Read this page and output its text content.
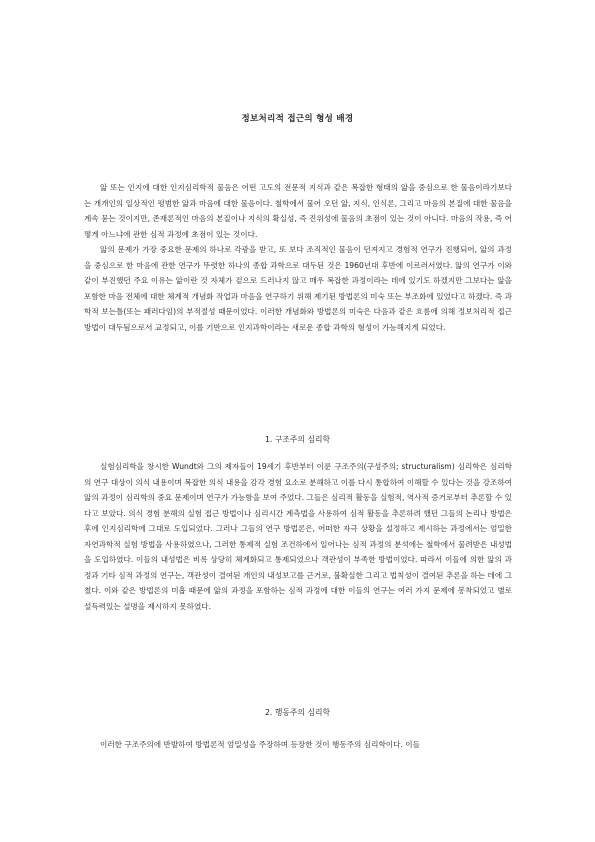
정보처리적 접근의 형성 배경

앎 또는 인지에 대한 인지심리학적 물음은 어떤 고도의 전문적 지식과 같은 복잡한 형태의 앎을 중심으로 한 물음이라기보다는 개개인의 일상적인 평범한 앎과 마음에 대한 물음이다. 철학에서 물어 오던 앎, 지식, 인식론, 그리고 마음의 본질에 대한 물음을 계속 묻는 것이지만, 존재론적인 마음의 본질이나 지식의 확실성, 즉 진위성에 물음의 초점이 있는 것이 아니다. 마음의 작용, 즉 어떻게 아느냐에 관한 심적 과정에 초점이 있는 것이다.

앎의 문제가 가장 중요한 문제의 하나로 각광을 받고, 또 보다 조직적인 물음이 던져지고 경험적 연구가 진행되어, 앎의 과정을 중심으로 한 마음에 관한 연구가 뚜렷한 하나의 종합 과학으로 대두된 것은 1960년대 후반에 이르러서였다. 앎의 연구가 이와 같이 부진했던 주요 이유는 앎이란 것 자체가 겉으로 드러나지 않고 매우 복잡한 과정이라는 데에 있기도 하겠지만 그보다는 앎을 포함한 마음 전체에 대한 체계적 개념화 작업과 마음을 연구하기 위해 제기된 방법론의 미숙 또는 부조화에 있었다고 하겠다. 즉 과학적 보는틀(또는 패러다임)의 부적절성 때문이었다. 이러한 개념화와 방법론의 미숙은 다음과 같은 흐름에 의해 정보처리적 접근 방법이 대두됨으로서 교정되고, 이를 기반으로 인지과학이라는 새로운 종합 과학의 형성이 가능해지게 되었다.

1. 구조주의 심리학

실험심리학을 창시한 Wundt와 그의 제자들이 19세기 후반부터 이룬 구조주의(구성주의; structuralism) 심리학은 심리학의 연구 대상이 의식 내용이며 복잡한 의식 내용을 감각 경험 요소로 분해하고 이를 다시 통합하여 이해할 수 있다는 것을 강조하여 앎의 과정이 심리학의 중요 문제이며 연구가 가능함을 보여 주었다. 그들은 심리적 활동을 실험적, 역사적 증거로부터 추론할 수 있다고 보았다. 의식 경험 분해의 실험 접근 방법이나 심리시간 계측법을 사용하여 심적 활동을 추론하려 했던 그들의 논리나 방법은 후에 인지심리학에 그대로 도입되었다. 그러나 그들의 연구 방법론은, 어떠한 자극 상황을 설정하고 제시하는 과정에서는 엄밀한 자연과학적 실험 방법을 사용하였으나, 그러한 통제적 실험 조건하에서 일어나는 심적 과정의 분석에는 철학에서 물려받은 내성법을 도입하였다. 이들의 내성법은 비록 상당히 체계화되고 통제되었으나 객관성이 부족한 방법이었다. 따라서 이들에 의한 앎의 과정과 기타 심적 과정의 연구는, 객관성이 결여된 개인의 내성보고를 근거로, 불확실한 그리고 법칙성이 결여된 추론을 하는 데에 그쳤다. 이와 같은 방법론의 미흡 때문에 앎의 과정을 포함하는 심적 과정에 대한 이들의 연구는 여러 가지 문제에 봉착되었고 별로 설득력있는 설명을 제시하지 못하였다.

2. 행동주의 심리학

이러한 구조주의에 반발하여 방법론적 엄밀성을 주장하며 등장한 것이 행동주의 심리학이다. 이들
